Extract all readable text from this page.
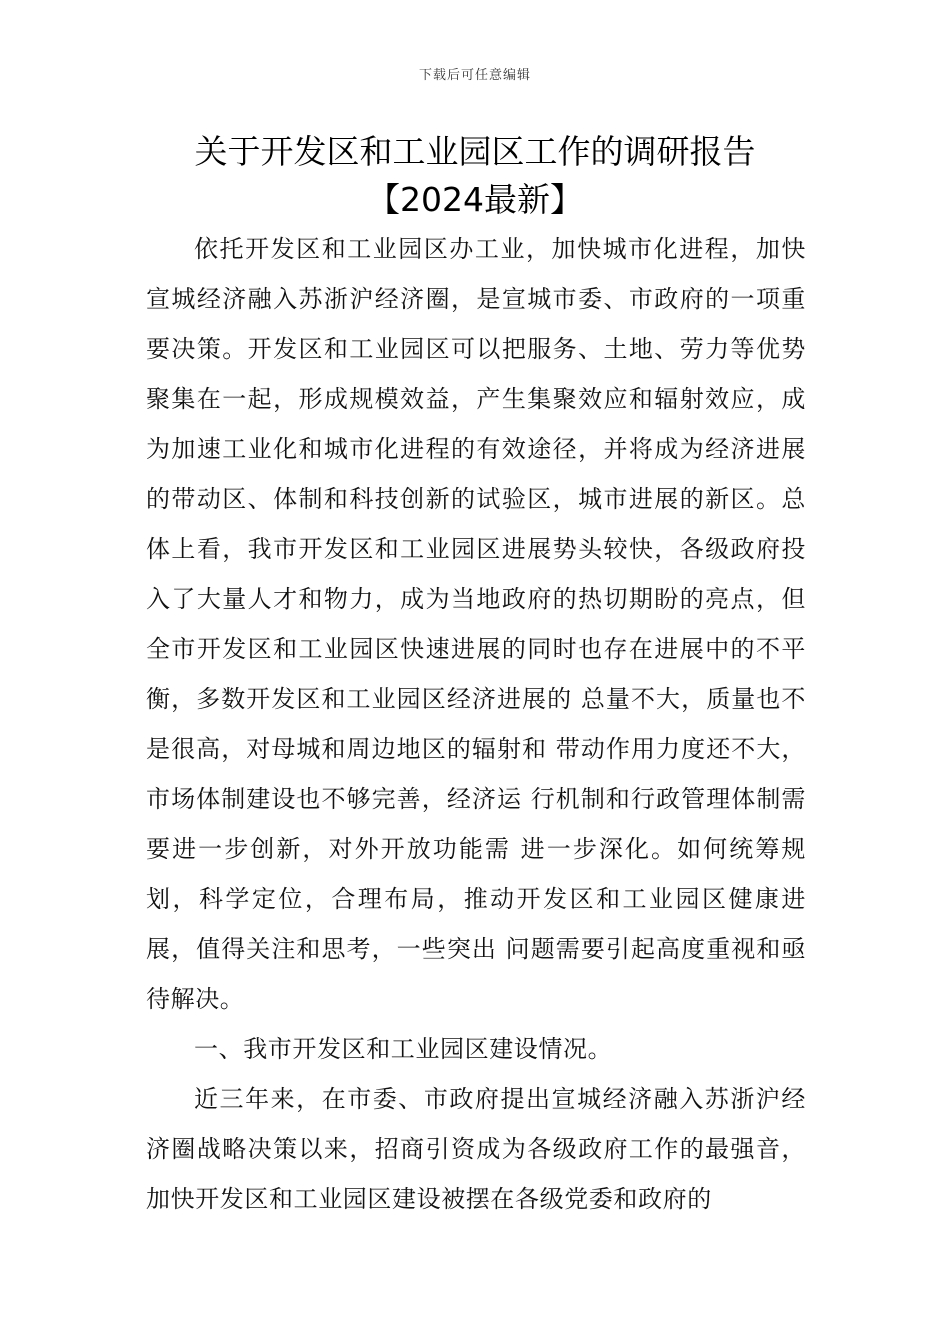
下载后可任意编辑
关于开发区和工业园区工作的调研报告
【2024最新】

依托开发区和工业园区办工业，加快城市化进程，加快宣城经济融入苏浙沪经济圈，是宣城市委、市政府的一项重要决策。开发区和工业园区可以把服务、土地、劳力等优势聚集在一起，形成规模效益，产生集聚效应和辐射效应，成为加速工业化和城市化进程的有效途径，并将成为经济进展的带动区、体制和科技创新的试验区，城市进展的新区。总体上看，我市开发区和工业园区进展势头较快，各级政府投入了大量人才和物力，成为当地政府的热切期盼的亮点，但全市开发区和工业园区快速进展的同时也存在进展中的不平衡，多数开发区和工业园区经济进展的 总量不大，质量也不是很高，对母城和周边地区的辐射和 带动作用力度还不大，市场体制建设也不够完善，经济运 行机制和行政管理体制需要进一步创新，对外开放功能需 进一步深化。如何统筹规划，科学定位，合理布局，推动开发区和工业园区健康进展，值得关注和思考，一些突出 问题需要引起高度重视和亟待解决。

一、我市开发区和工业园区建设情况。

近三年来，在市委、市政府提出宣城经济融入苏浙沪经济圈战略决策以来，招商引资成为各级政府工作的最强音，加快开发区和工业园区建设被摆在各级党委和政府的
